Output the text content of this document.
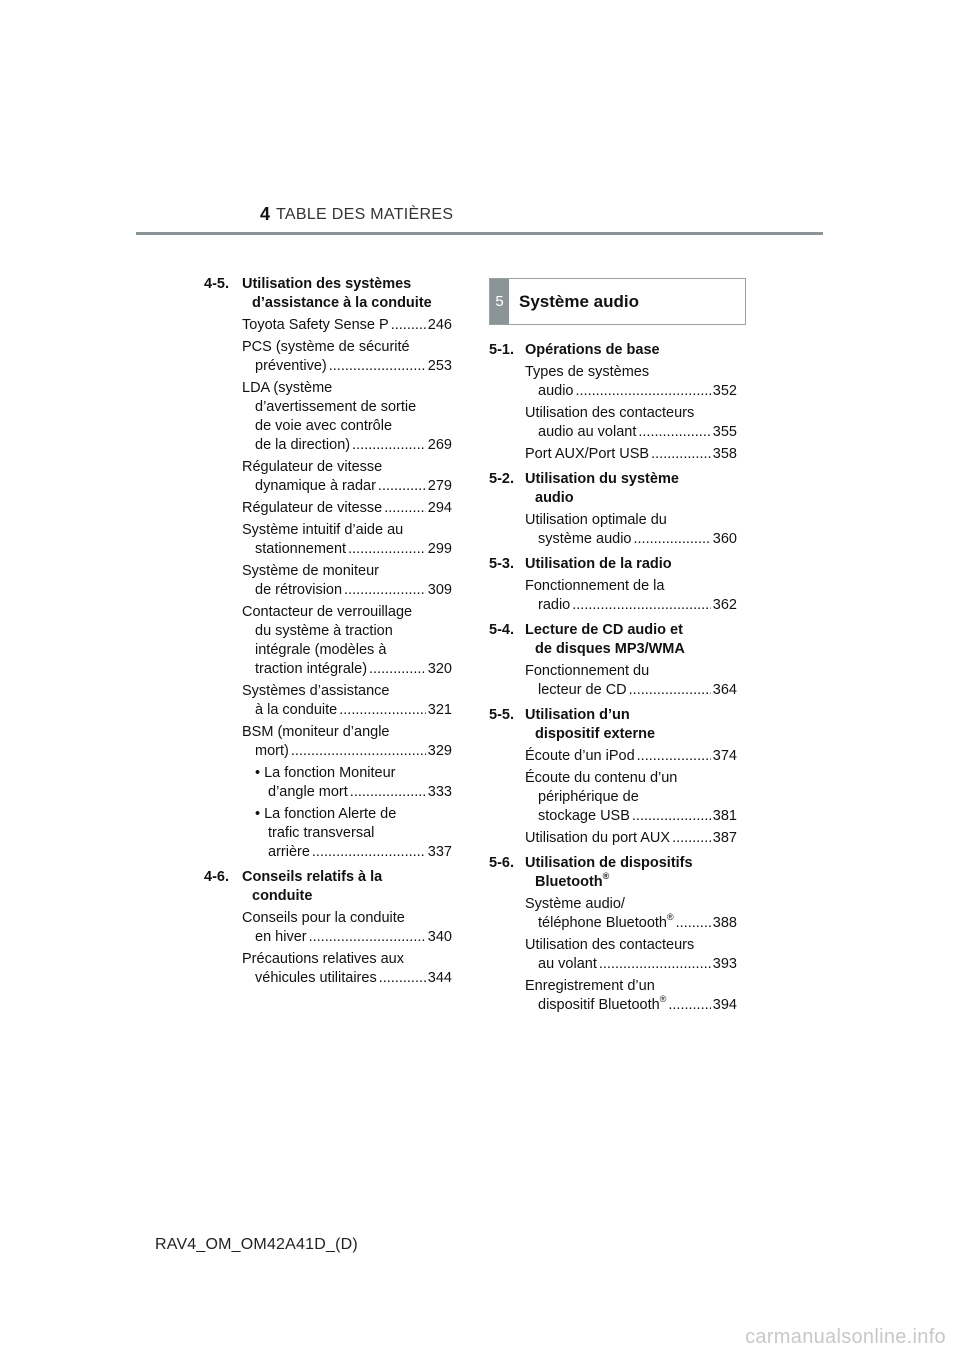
4 TABLE DES MATIÈRES
4-5. Utilisation des systèmes
d’assistance à la conduite
Toyota Safety Sense P .....	246
PCS (système de sécurité
préventive) .....	253
LDA (système
d’avertissement de sortie
de voie avec contrôle
de la direction) .....	269
Régulateur de vitesse
dynamique à radar .....	279
Régulateur de vitesse .....	294
Système intuitif d’aide au
stationnement .....	299
Système de moniteur
de rétrovision .....	309
Contacteur de verrouillage
du système à traction
intégrale (modèles à
traction intégrale) .....	320
Systèmes d’assistance
à la conduite .....	321
BSM (moniteur d’angle
mort) .....	329
• La fonction Moniteur
d’angle mort .....	333
• La fonction Alerte de
trafic transversal
arrière .....	337
4-6. Conseils relatifs à la
conduite
Conseils pour la conduite
en hiver .....	340
Précautions relatives aux
véhicules utilitaires .....	344
5 Système audio
5-1. Opérations de base
Types de systèmes
audio .....	352
Utilisation des contacteurs
audio au volant .....	355
Port AUX/Port USB .....	358
5-2. Utilisation du système
audio
Utilisation optimale du
système audio .....	360
5-3. Utilisation de la radio
Fonctionnement de la
radio .....	362
5-4. Lecture de CD audio et
de disques MP3/WMA
Fonctionnement du
lecteur de CD .....	364
5-5. Utilisation d’un
dispositif externe
Écoute d’un iPod .....	374
Écoute du contenu d’un
périphérique de
stockage USB .....	381
Utilisation du port AUX .....	387
5-6. Utilisation de dispositifs
Bluetooth®
Système audio/
téléphone Bluetooth® .....	388
Utilisation des contacteurs
au volant .....	393
Enregistrement d’un
dispositif Bluetooth® .....	394
RAV4_OM_OM42A41D_(D)
carmanualsonline.info
